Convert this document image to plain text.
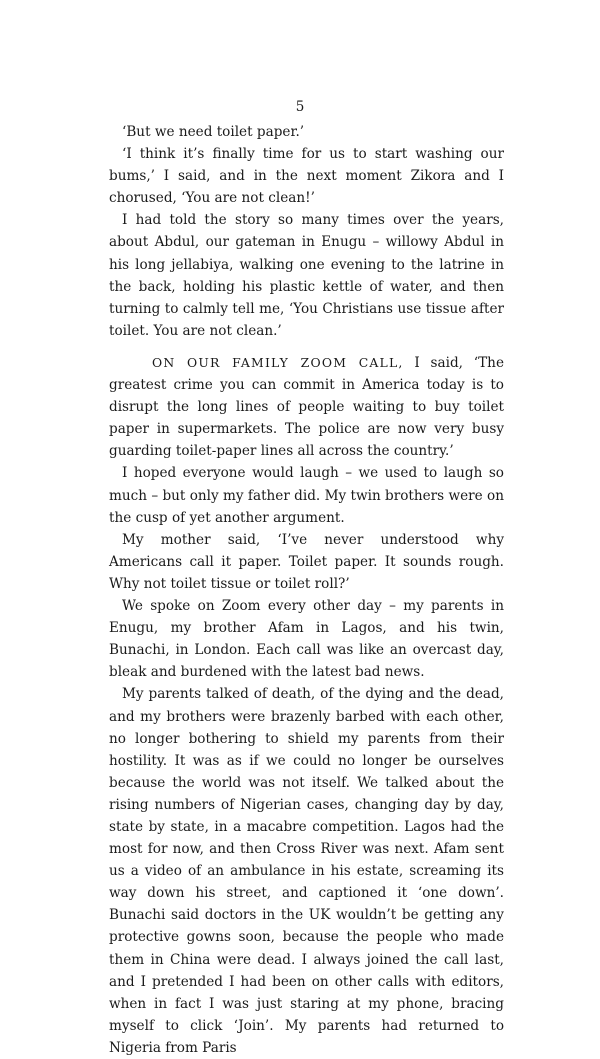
5

‘But we need toilet paper.’

‘I think it’s finally time for us to start washing our bums,’ I said, and in the next moment Zikora and I chorused, ‘You are not clean!’

I had told the story so many times over the years, about Abdul, our gateman in Enugu – willowy Abdul in his long jellabiya, walking one evening to the latrine in the back, holding his plastic kettle of water, and then turning to calmly tell me, ‘You Christians use tissue after toilet. You are not clean.’

ON OUR FAMILY ZOOM CALL, I said, ‘The greatest crime you can commit in America today is to disrupt the long lines of people waiting to buy toilet paper in supermarkets. The police are now very busy guarding toilet-paper lines all across the country.’

I hoped everyone would laugh – we used to laugh so much – but only my father did. My twin brothers were on the cusp of yet another argument.

My mother said, ‘I’ve never understood why Americans call it paper. Toilet paper. It sounds rough. Why not toilet tissue or toilet roll?’

We spoke on Zoom every other day – my parents in Enugu, my brother Afam in Lagos, and his twin, Bunachi, in London. Each call was like an overcast day, bleak and burdened with the latest bad news.

My parents talked of death, of the dying and the dead, and my brothers were brazenly barbed with each other, no longer bothering to shield my parents from their hostility. It was as if we could no longer be ourselves because the world was not itself. We talked about the rising numbers of Nigerian cases, changing day by day, state by state, in a macabre competition. Lagos had the most for now, and then Cross River was next. Afam sent us a video of an ambulance in his estate, screaming its way down his street, and captioned it ‘one down’. Bunachi said doctors in the UK wouldn’t be getting any protective gowns soon, because the people who made them in China were dead. I always joined the call last, and I pretended I had been on other calls with editors, when in fact I was just staring at my phone, bracing myself to click ‘Join’. My parents had returned to Nigeria from Paris
